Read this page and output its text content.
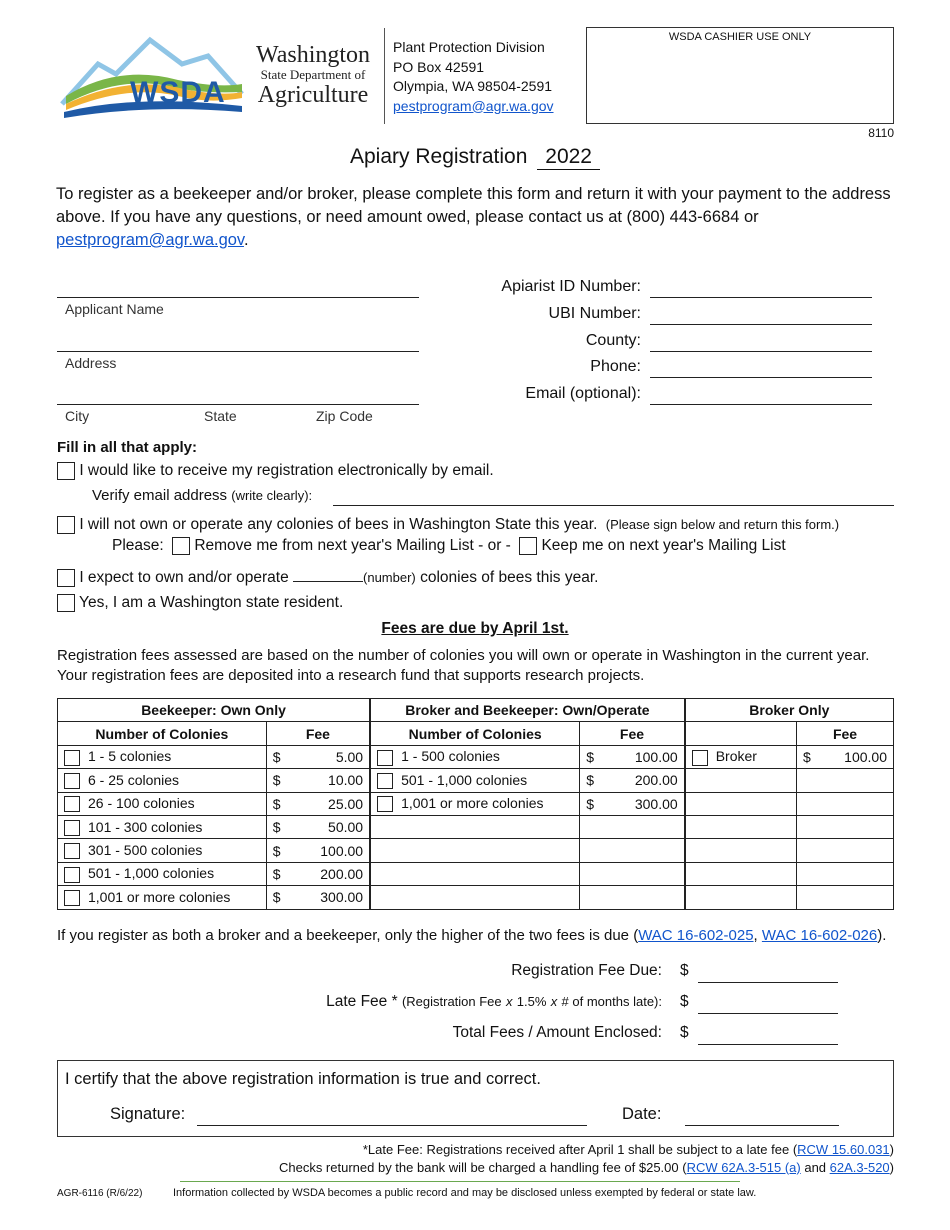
WSDA
Washington
State Department of
Agriculture
Plant Protection Division
PO Box 42591
Olympia, WA 98504-2591
pestprogram@agr.wa.gov
WSDA CASHIER USE ONLY
8110
Apiary Registration 2022
To register as a beekeeper and/or broker, please complete this form and return it with your payment to the address above. If you have any questions, or need amount owed, please contact us at (800) 443-6684 or pestprogram@agr.wa.gov.
Applicant Name
Address
City	State	Zip Code
Apiarist ID Number:
UBI Number:
County:
Phone:
Email (optional):
Fill in all that apply:
I would like to receive my registration electronically by email.
Verify email address (write clearly):
I will not own or operate any colonies of bees in Washington State this year. (Please sign below and return this form.)
Please: Remove me from next year's Mailing List - or - Keep me on next year's Mailing List
I expect to own and/or operate	(number) colonies of bees this year.
Yes, I am a Washington state resident.
Fees are due by April 1st.
Registration fees assessed are based on the number of colonies you will own or operate in Washington in the current year. Your registration fees are deposited into a research fund that supports research projects.
Beekeeper: Own Only		Broker and Beekeeper: Own/Operate		Broker Only	
Number of Colonies	Fee	Number of Colonies	Fee		Fee
1 - 5 colonies	$ 5.00	1 - 500 colonies	$ 100.00	Broker	$ 100.00

6 - 25 colonies	$ 10.00	501 - 1,000 colonies	$ 200.00		

26 - 100 colonies	$ 25.00	1,001 or more colonies	$ 300.00		

101 - 300 colonies	$ 50.00				

301 - 500 colonies	$ 100.00				

501 - 1,000 colonies	$ 200.00				

1,001 or more colonies	$ 300.00				

If you register as both a broker and a beekeeper, only the higher of the two fees is due (WAC 16-602-025, WAC 16-602-026).
Registration Fee Due: $
Late Fee * (Registration Fee x 1.5% x # of months late): $
Total Fees / Amount Enclosed: $
I certify that the above registration information is true and correct.
Signature:	Date:
*Late Fee: Registrations received after April 1 shall be subject to a late fee (RCW 15.60.031)
Checks returned by the bank will be charged a handling fee of $25.00 (RCW 62A.3-515 (a) and 62A.3-520)
AGR-6116 (R/6/22)	Information collected by WSDA becomes a public record and may be disclosed unless exempted by federal or state law.
